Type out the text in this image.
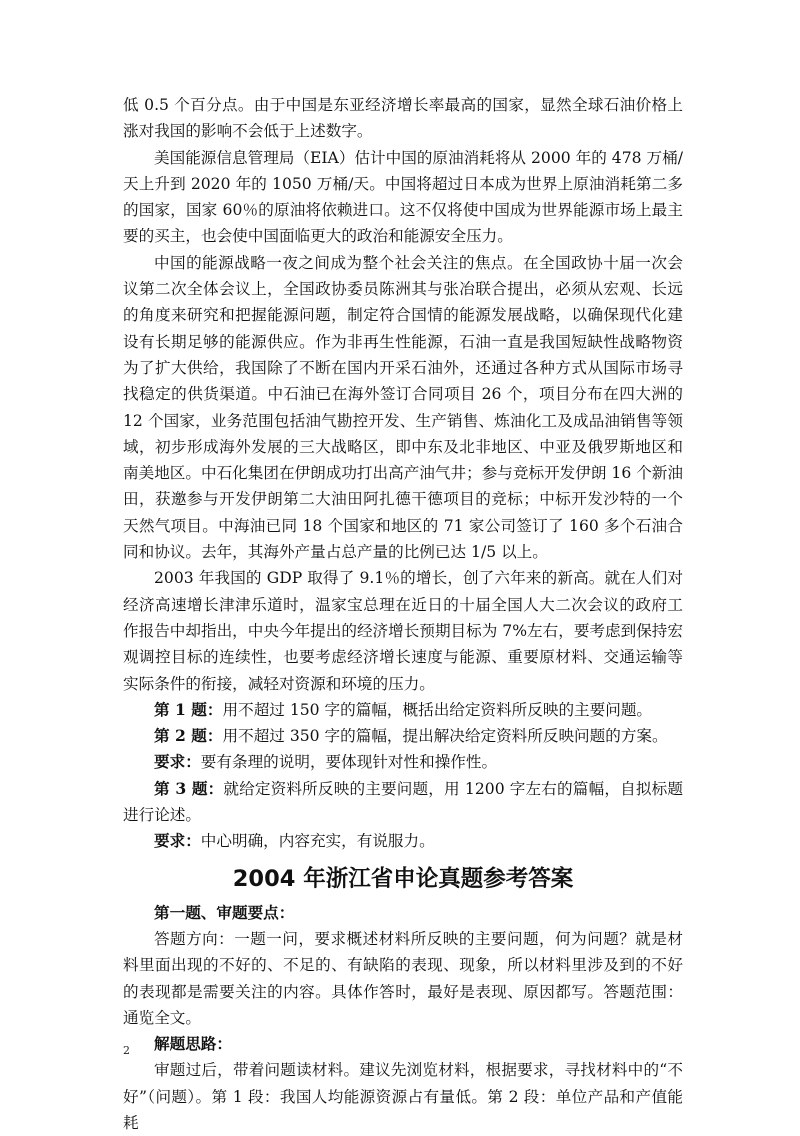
低 0.5 个百分点。由于中国是东亚经济增长率最高的国家，显然全球石油价格上涨对我国的影响不会低于上述数字。

美国能源信息管理局（EIA）估计中国的原油消耗将从 2000 年的 478 万桶/天上升到 2020 年的 1050 万桶/天。中国将超过日本成为世界上原油消耗第二多的国家，国家 60％的原油将依赖进口。这不仅将使中国成为世界能源市场上最主要的买主，也会使中国面临更大的政治和能源安全压力。

中国的能源战略一夜之间成为整个社会关注的焦点。在全国政协十届一次会议第二次全体会议上，全国政协委员陈洲其与张冶联合提出，必须从宏观、长远的角度来研究和把握能源问题，制定符合国情的能源发展战略，以确保现代化建设有长期足够的能源供应。作为非再生性能源，石油一直是我国短缺性战略物资为了扩大供给，我国除了不断在国内开采石油外，还通过各种方式从国际市场寻找稳定的供货渠道。中石油已在海外签订合同项目 26 个，项目分布在四大洲的 12 个国家，业务范围包括油气勘控开发、生产销售、炼油化工及成品油销售等领域，初步形成海外发展的三大战略区，即中东及北非地区、中亚及俄罗斯地区和南美地区。中石化集团在伊朗成功打出高产油气井；参与竞标开发伊朗 16 个新油田，获邀参与开发伊朗第二大油田阿扎德干德项目的竞标；中标开发沙特的一个天然气项目。中海油已同 18 个国家和地区的 71 家公司签订了 160 多个石油合同和协议。去年，其海外产量占总产量的比例已达 1/5 以上。

2003 年我国的 GDP 取得了 9.1％的增长，创了六年来的新高。就在人们对经济高速增长津津乐道时，温家宝总理在近日的十届全国人大二次会议的政府工作报告中却指出，中央今年提出的经济增长预期目标为 7%左右，要考虑到保持宏观调控目标的连续性，也要考虑经济增长速度与能源、重要原材料、交通运输等实际条件的衔接，减轻对资源和环境的压力。

第 1 题：用不超过 150 字的篇幅，概括出给定资料所反映的主要问题。

第 2 题：用不超过 350 字的篇幅，提出解决给定资料所反映问题的方案。

要求：要有条理的说明，要体现针对性和操作性。

第 3 题：就给定资料所反映的主要问题，用 1200 字左右的篇幅，自拟标题进行论述。

要求：中心明确，内容充实，有说服力。

2004 年浙江省申论真题参考答案

第一题、审题要点：

答题方向：一题一问，要求概述材料所反映的主要问题，何为问题？就是材料里面出现的不好的、不足的、有缺陷的表现、现象，所以材料里涉及到的不好的表现都是需要关注的内容。具体作答时，最好是表现、原因都写。答题范围：通览全文。

解题思路：

审题过后，带着问题读材料。建议先浏览材料，根据要求，寻找材料中的“不好”（问题）。第 1 段：我国人均能源资源占有量低。第 2 段：单位产品和产值能耗

2
